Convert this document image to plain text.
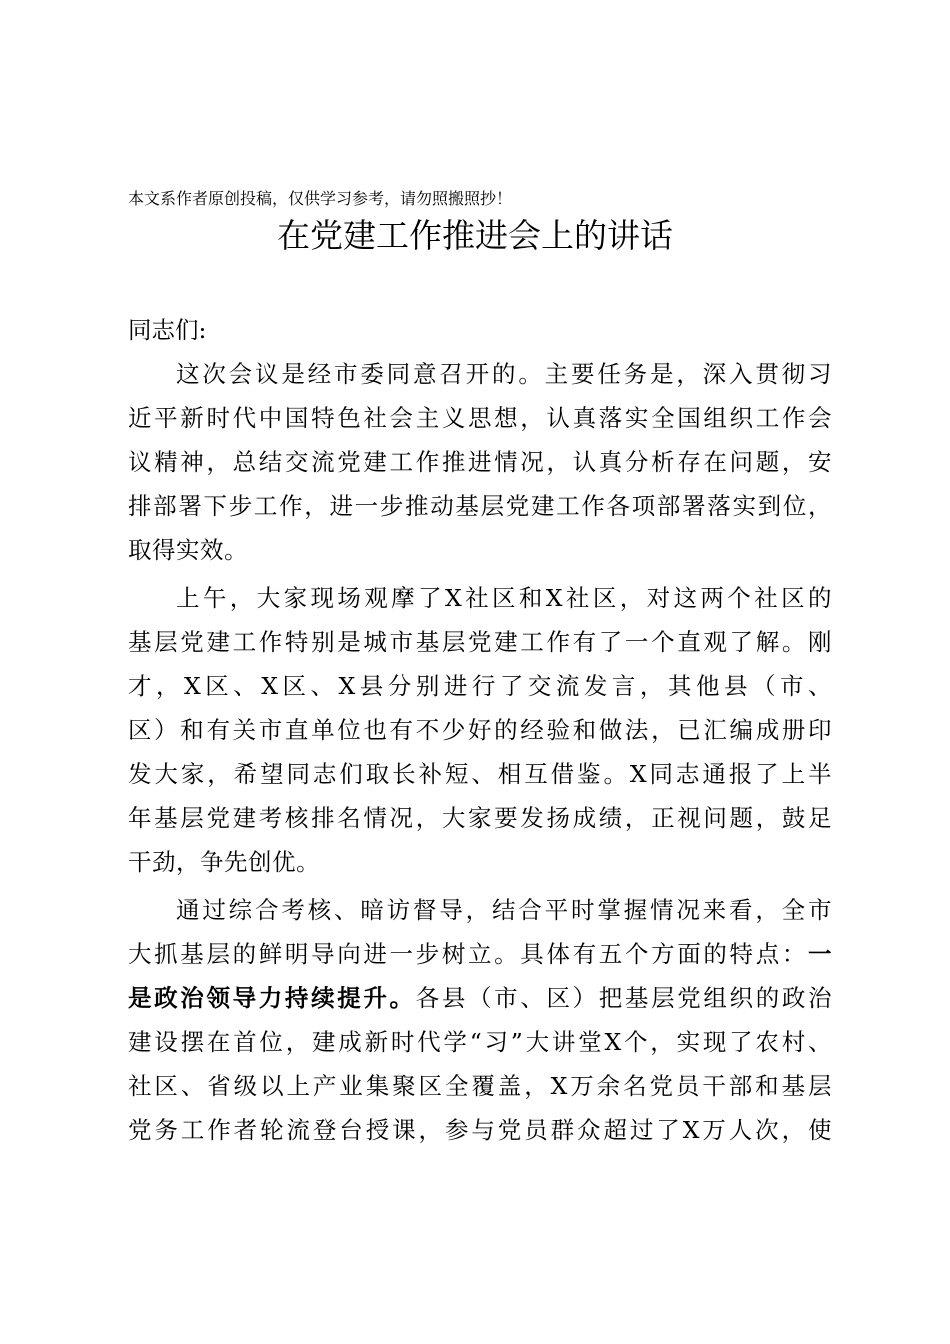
本文系作者原创投稿，仅供学习参考，请勿照搬照抄！
在党建工作推进会上的讲话
同志们:
这次会议是经市委同意召开的。主要任务是，深入贯彻习
近平新时代中国特色社会主义思想，认真落实全国组织工作会
议精神，总结交流党建工作推进情况，认真分析存在问题，安
排部署下步工作，进一步推动基层党建工作各项部署落实到位，
取得实效。
上午，大家现场观摩了X社区和X社区，对这两个社区的
基层党建工作特别是城市基层党建工作有了一个直观了解。刚
才，X区、X区、X县分别进行了交流发言，其他县（市、
区）和有关市直单位也有不少好的经验和做法，已汇编成册印
发大家，希望同志们取长补短、相互借鉴。X同志通报了上半
年基层党建考核排名情况，大家要发扬成绩，正视问题，鼓足
干劲，争先创优。
通过综合考核、暗访督导，结合平时掌握情况来看，全市
大抓基层的鲜明导向进一步树立。具体有五个方面的特点：一
是政治领导力持续提升。各县（市、区）把基层党组织的政治
建设摆在首位，建成新时代学“习”大讲堂X个，实现了农村、
社区、省级以上产业集聚区全覆盖，X万余名党员干部和基层
党务工作者轮流登台授课，参与党员群众超过了X万人次，使
